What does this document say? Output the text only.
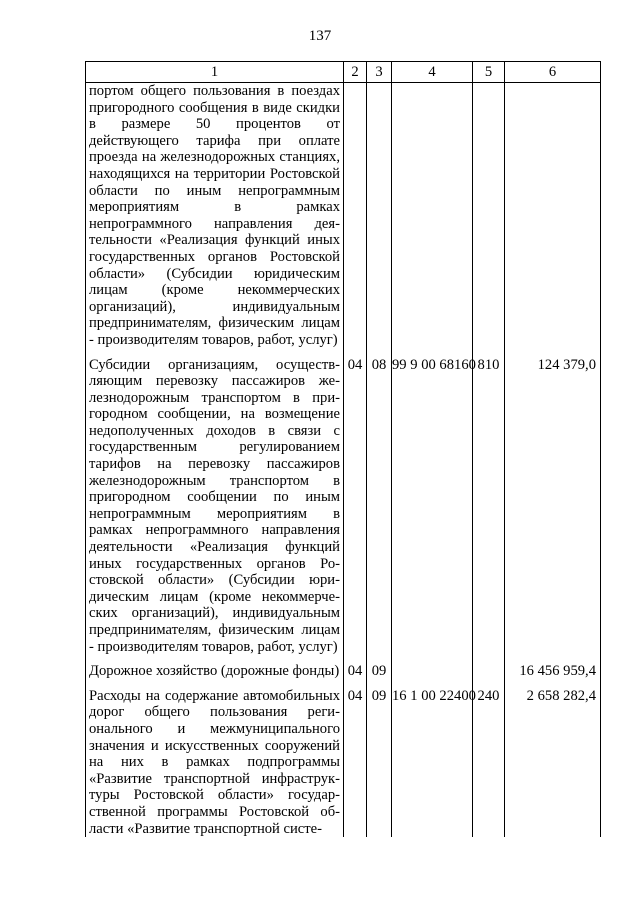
137
1	2	3	4	5	6
портом общего пользования в поездах пригородного сообщения в виде скидки в размере 50 процентов от действующего тарифа при оплате проезда на железнодорожных станциях, находящихся на территории Ростовской области по иным непрограммным мероприятиям в рамках непрограммного направления деятельности «Реализация функций иных государственных органов Ростовской области» (Субсидии юридическим лицам (кроме некоммерческих организаций), индивидуальным предпринимателям, физическим лицам - производителям товаров, работ, услуг)					

Субсидии организациям, осуществляющим перевозку пассажиров железнодорожным транспортом в пригородном сообщении, на возмещение недополученных доходов в связи с государственным регулированием тарифов на перевозку пассажиров железнодорожным транспортом в пригородном сообщении по иным непрограммным мероприятиям в рамках непрограммного направления деятельности «Реализация функций иных государственных органов Ростовской области» (Субсидии юридическим лицам (кроме некоммерческих организаций), индивидуальным предпринимателям, физическим лицам - производителям товаров, работ, услуг)	04	08	99 9 00 68160	810	124 379,0

Дорожное хозяйство (дорожные фонды)	04	09			16 456 959,4

Расходы на содержание автомобильных дорог общего пользования регионального и межмуниципального значения и искусственных сооружений на них в рамках подпрограммы «Развитие транспортной инфраструктуры Ростовской области» государственной программы Ростовской области «Развитие транспортной систе-	04	09	16 1 00 22400	240	2 658 282,4
